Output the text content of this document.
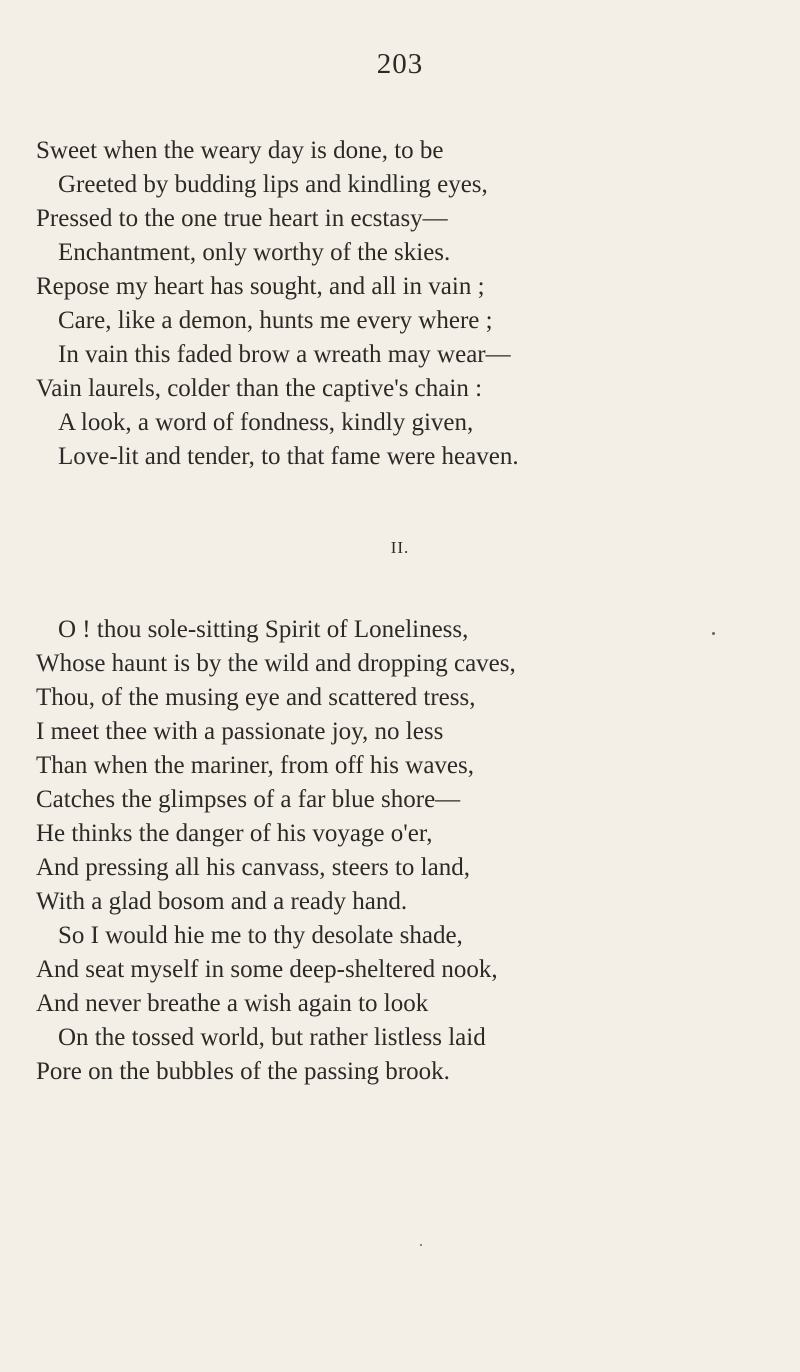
203
Sweet when the weary day is done, to be
Greeted by budding lips and kindling eyes,
Pressed to the one true heart in ecstasy—
Enchantment, only worthy of the skies.
Repose my heart has sought, and all in vain ;
Care, like a demon, hunts me every where ;
In vain this faded brow a wreath may wear—
Vain laurels, colder than the captive's chain :
A look, a word of fondness, kindly given,
Love-lit and tender, to that fame were heaven.
II.
O ! thou sole-sitting Spirit of Loneliness,
Whose haunt is by the wild and dropping caves,
Thou, of the musing eye and scattered tress,
I meet thee with a passionate joy, no less
Than when the mariner, from off his waves,
Catches the glimpses of a far blue shore—
He thinks the danger of his voyage o'er,
And pressing all his canvass, steers to land,
With a glad bosom and a ready hand.
So I would hie me to thy desolate shade,
And seat myself in some deep-sheltered nook,
And never breathe a wish again to look
On the tossed world, but rather listless laid
Pore on the bubbles of the passing brook.
